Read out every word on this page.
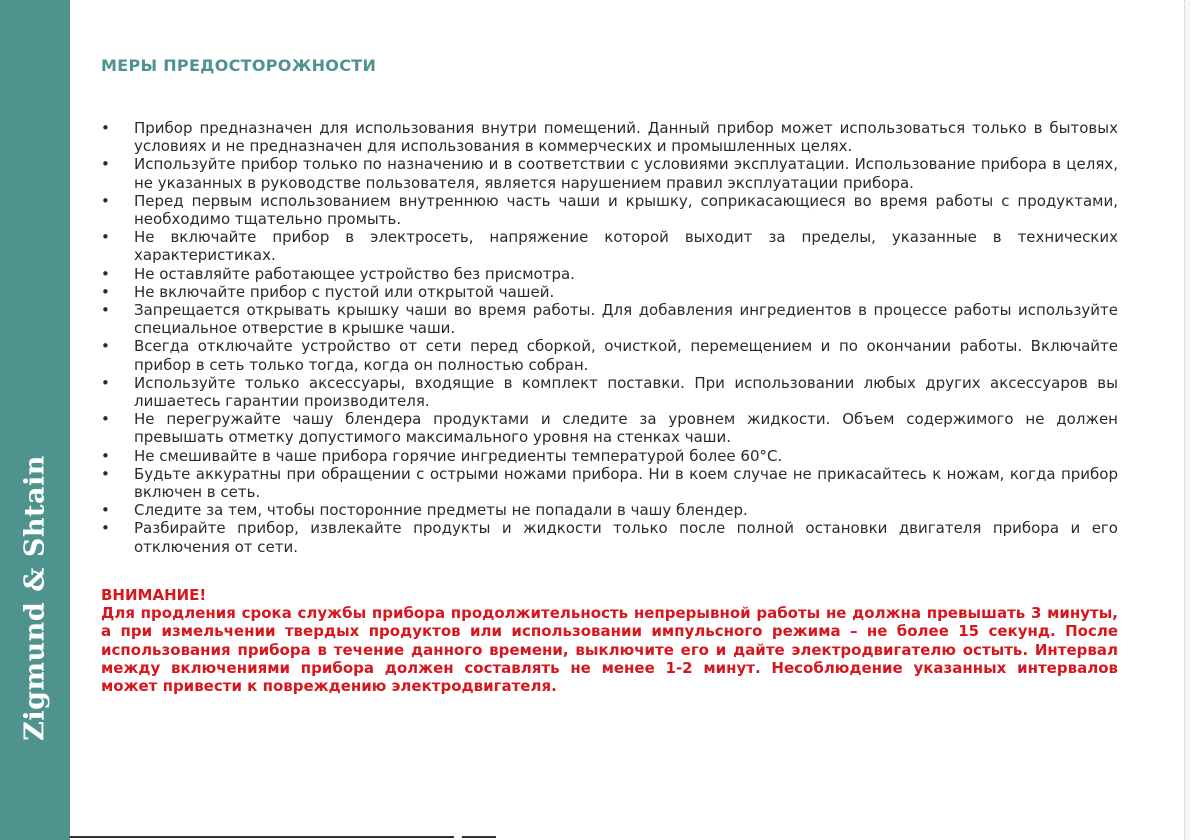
Zigmund & Shtain
МЕРЫ ПРЕДОСТОРОЖНОСТИ
• Прибор предназначен для использования внутри помещений. Данный прибор может использоваться только в бытовых условиях и не предназначен для использования в коммерческих и промышленных целях.
• Используйте прибор только по назначению и в соответствии с условиями эксплуатации. Использование прибора в целях, не указанных в руководстве пользователя, является нарушением правил эксплуатации прибора.
• Перед первым использованием внутреннюю часть чаши и крышку, соприкасающиеся во время работы с продуктами, необходимо тщательно промыть.
• Не включайте прибор в электросеть, напряжение которой выходит за пределы, указанные в технических характеристиках.
• Не оставляйте работающее устройство без присмотра.
• Не включайте прибор с пустой или открытой чашей.
• Запрещается открывать крышку чаши во время работы. Для добавления ингредиентов в процессе работы используйте специальное отверстие в крышке чаши.
• Всегда отключайте устройство от сети перед сборкой, очисткой, перемещением и по окончании работы. Включайте прибор в сеть только тогда, когда он полностью собран.
• Используйте только аксессуары, входящие в комплект поставки. При использовании любых других аксессуаров вы лишаетесь гарантии производителя.
• Не перегружайте чашу блендера продуктами и следите за уровнем жидкости. Объем содержимого не должен превышать отметку допустимого максимального уровня на стенках чаши.
• Не смешивайте в чаше прибора горячие ингредиенты температурой более 60°С.
• Будьте аккуратны при обращении с острыми ножами прибора. Ни в коем случае не прикасайтесь к ножам, когда прибор включен в сеть.
• Следите за тем, чтобы посторонние предметы не попадали в чашу блендер.
• Разбирайте прибор, извлекайте продукты и жидкости только после полной остановки двигателя прибора и его отключения от сети.
ВНИМАНИЕ!
Для продления срока службы прибора продолжительность непрерывной работы не должна превышать 3 минуты, а при измельчении твердых продуктов или использовании импульсного режима – не более 15 секунд. После использования прибора в течение данного времени, выключите его и дайте электродвигателю остыть. Интервал между включениями прибора должен составлять не менее 1-2 минут. Несоблюдение указанных интервалов может привести к повреждению электродвигателя.
